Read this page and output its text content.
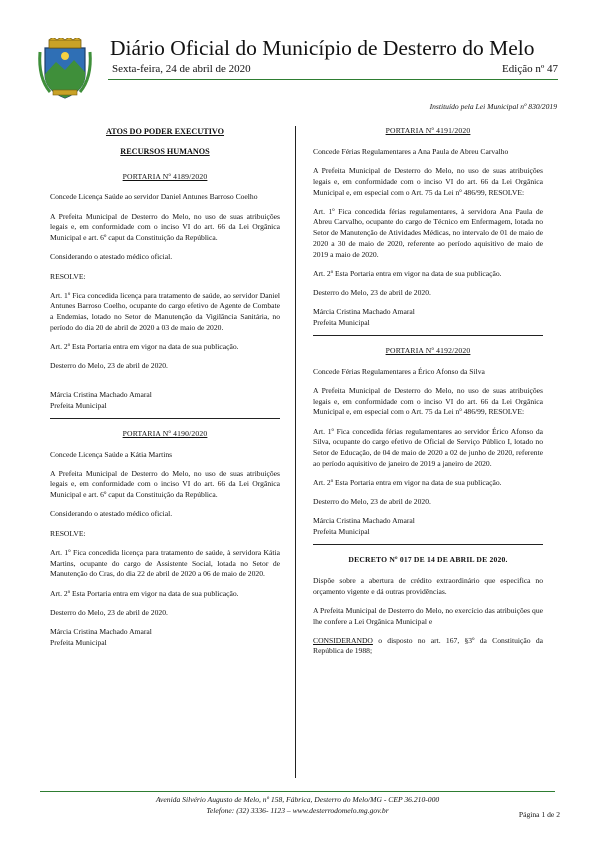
Diário Oficial do Município de Desterro do Melo
Sexta-feira, 24 de abril de 2020	Edição nº 47
Instituído pela Lei Municipal nº 830/2019

ATOS DO PODER EXECUTIVO

RECURSOS HUMANOS

PORTARIA Nº 4189/2020

Concede Licença Saúde ao servidor Daniel Antunes Barroso Coelho

A Prefeita Municipal de Desterro do Melo, no uso de suas atribuições legais e, em conformidade com o inciso VI do art. 66 da Lei Orgânica Municipal e art. 6º caput da Constituição da República.

Considerando o atestado médico oficial.

RESOLVE:

Art. 1º Fica concedida licença para tratamento de saúde, ao servidor Daniel Antunes Barroso Coelho, ocupante do cargo efetivo de Agente de Combate a Endemias, lotado no Setor de Manutenção da Vigilância Sanitária, no período do dia 20 de abril de 2020 a 03 de maio de 2020.

Art. 2º Esta Portaria entra em vigor na data de sua publicação.

Desterro do Melo, 23 de abril de 2020.

Márcia Cristina Machado Amaral

Prefeita Municipal

PORTARIA Nº 4190/2020

Concede Licença Saúde a Kátia Martins

A Prefeita Municipal de Desterro do Melo, no uso de suas atribuições legais e, em conformidade com o inciso VI do art. 66 da Lei Orgânica Municipal e art. 6º caput da Constituição da República.

Considerando o atestado médico oficial.

RESOLVE:

Art. 1º Fica concedida licença para tratamento de saúde, à servidora Kátia Martins, ocupante do cargo de Assistente Social, lotada no Setor de Manutenção do Cras, do dia 22 de abril de 2020 a 06 de maio de 2020.

Art. 2º Esta Portaria entra em vigor na data de sua publicação.

Desterro do Melo, 23 de abril de 2020.

Márcia Cristina Machado Amaral

Prefeita Municipal

PORTARIA Nº 4191/2020

Concede Férias Regulamentares a Ana Paula de Abreu Carvalho

A Prefeita Municipal de Desterro do Melo, no uso de suas atribuições legais e, em conformidade com o inciso VI do art. 66 da Lei Orgânica Municipal e, em especial com o Art. 75 da Lei nº 486/99, RESOLVE:

Art. 1º Fica concedida férias regulamentares, à servidora Ana Paula de Abreu Carvalho, ocupante do cargo de Técnico em Enfermagem, lotada no Setor de Manutenção de Atividades Médicas, no intervalo de 01 de maio de 2020 a 30 de maio de 2020, referente ao período aquisitivo de maio de 2019 a maio de 2020.

Art. 2º Esta Portaria entra em vigor na data de sua publicação.

Desterro do Melo, 23 de abril de 2020.

Márcia Cristina Machado Amaral

Prefeita Municipal

PORTARIA Nº 4192/2020

Concede Férias Regulamentares a Érico Afonso da Silva

A Prefeita Municipal de Desterro do Melo, no uso de suas atribuições legais e, em conformidade com o inciso VI do art. 66 da Lei Orgânica Municipal e, em especial com o Art. 75 da Lei nº 486/99, RESOLVE:

Art. 1º Fica concedida férias regulamentares ao servidor Érico Afonso da Silva, ocupante do cargo efetivo de Oficial de Serviço Público I, lotado no Setor de Educação, de 04 de maio de 2020 a 02 de junho de 2020, referente ao período aquisitivo de janeiro de 2019 a janeiro de 2020.

Art. 2º Esta Portaria entra em vigor na data de sua publicação.

Desterro do Melo, 23 de abril de 2020.

Márcia Cristina Machado Amaral

Prefeita Municipal

DECRETO Nº 017 DE 14 DE ABRIL DE 2020.

Dispõe sobre a abertura de crédito extraordinário que especifica no orçamento vigente e dá outras providências.

A Prefeita Municipal de Desterro do Melo, no exercício das atribuições que lhe confere a Lei Orgânica Municipal e

CONSIDERANDO o disposto no art. 167, §3º da Constituição da República de 1988;

Avenida Silvério Augusto de Melo, nº 158, Fábrica, Desterro do Melo/MG - CEP 36.210-000
Telefone: (32) 3336- 1123 – www.desterrodomelo.mg.gov.br	Página 1 de 2
